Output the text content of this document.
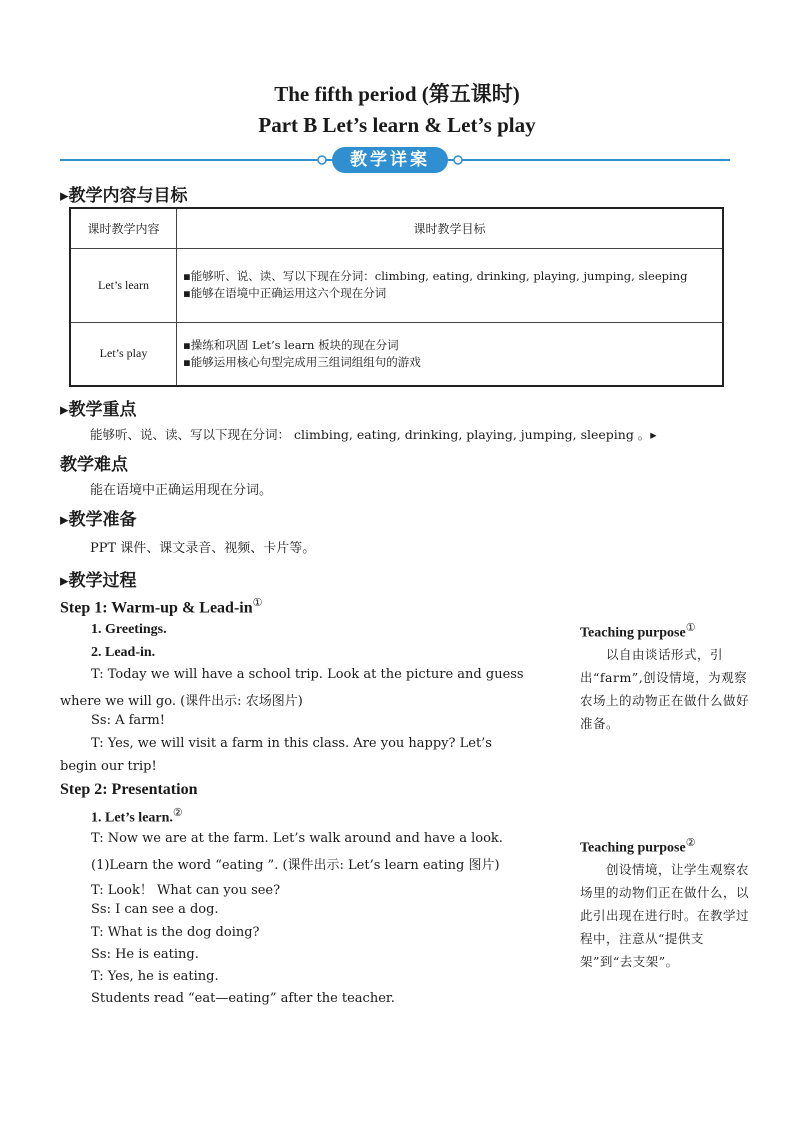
The fifth period (第五课时)
Part B Let’s learn & Let’s play
教学详案
▸教学内容与目标
课时教学内容	课时教学目标
Let’s learn	▪能够听、说、读、写以下现在分词：climbing, eating, drinking, playing, jumping, sleeping
▪能够在语境中正确运用这六个现在分词

Let’s play	▪操练和巩固 Let’s learn 板块的现在分词
▪能够运用核心句型完成用三组词组组句的游戏
▸教学重点
能够听、说、读、写以下现在分词： climbing, eating, drinking, playing, jumping, sleeping 。▸
教学难点
能在语境中正确运用现在分词。
▸教学准备
PPT 课件、课文录音、视频、卡片等。
▸教学过程
Step 1: Warm-up & Lead-in①
1. Greetings.
2. Lead-in.
T: Today we will have a school trip. Look at the picture and guess
where we will go. (课件出示: 农场图片)
Ss: A farm!
T: Yes, we will visit a farm in this class. Are you happy? Let’s
begin our trip!
Step 2: Presentation
1. Let’s learn.②
T: Now we are at the farm. Let’s walk around and have a look.
(1)Learn the word “eating ”. (课件出示: Let’s learn eating 图片)
T: Look！ What can you see?
Ss: I can see a dog.
T: What is the dog doing?
Ss: He is eating.
T: Yes, he is eating.
Students read “eat—eating” after the teacher.
Teaching purpose①
　　以自由谈话形式，引出“farm”,创设情境，为观察农场上的动物正在做什么做好准备。
Teaching purpose②
　　创设情境，让学生观察农场里的动物们正在做什么，以此引出现在进行时。在教学过程中，注意从“提供支架”到“去支架”。
